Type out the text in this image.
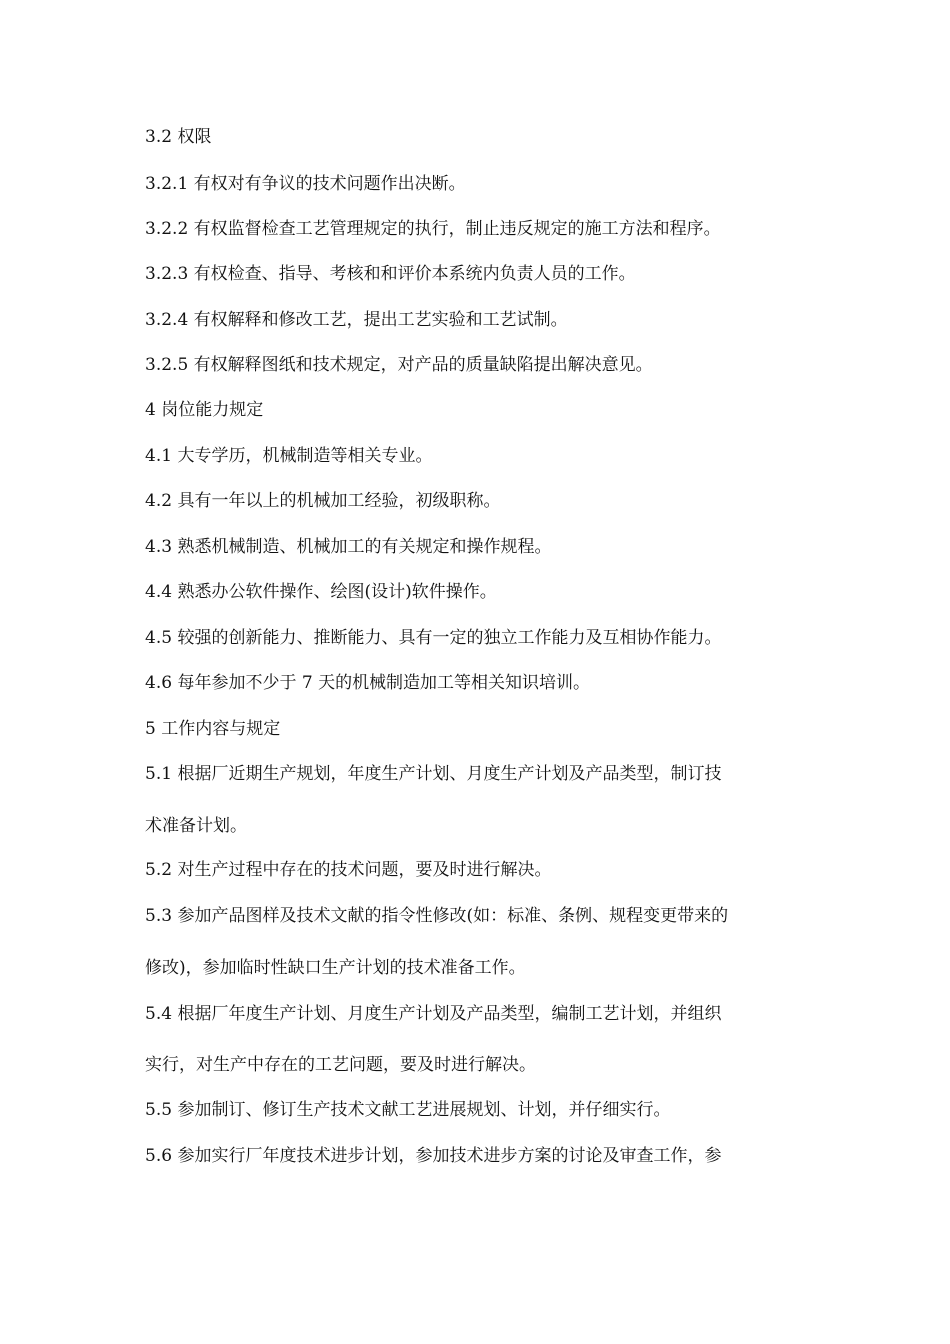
3.2 权限
3.2.1 有权对有争议的技术问题作出决断。
3.2.2 有权监督检查工艺管理规定的执行，制止违反规定的施工方法和程序。
3.2.3 有权检查、指导、考核和和评价本系统内负责人员的工作。
3.2.4 有权解释和修改工艺，提出工艺实验和工艺试制。
3.2.5 有权解释图纸和技术规定，对产品的质量缺陷提出解决意见。
4 岗位能力规定
4.1 大专学历，机械制造等相关专业。
4.2 具有一年以上的机械加工经验，初级职称。
4.3 熟悉机械制造、机械加工的有关规定和操作规程。
4.4 熟悉办公软件操作、绘图(设计)软件操作。
4.5 较强的创新能力、推断能力、具有一定的独立工作能力及互相协作能力。
4.6 每年参加不少于 7 天的机械制造加工等相关知识培训。
5 工作内容与规定
5.1 根据厂近期生产规划，年度生产计划、月度生产计划及产品类型，制订技
术准备计划。
5.2 对生产过程中存在的技术问题，要及时进行解决。
5.3 参加产品图样及技术文献的指令性修改(如：标准、条例、规程变更带来的
修改)，参加临时性缺口生产计划的技术准备工作。
5.4 根据厂年度生产计划、月度生产计划及产品类型，编制工艺计划，并组织
实行，对生产中存在的工艺问题，要及时进行解决。
5.5 参加制订、修订生产技术文献工艺进展规划、计划，并仔细实行。
5.6 参加实行厂年度技术进步计划，参加技术进步方案的讨论及审查工作，参
